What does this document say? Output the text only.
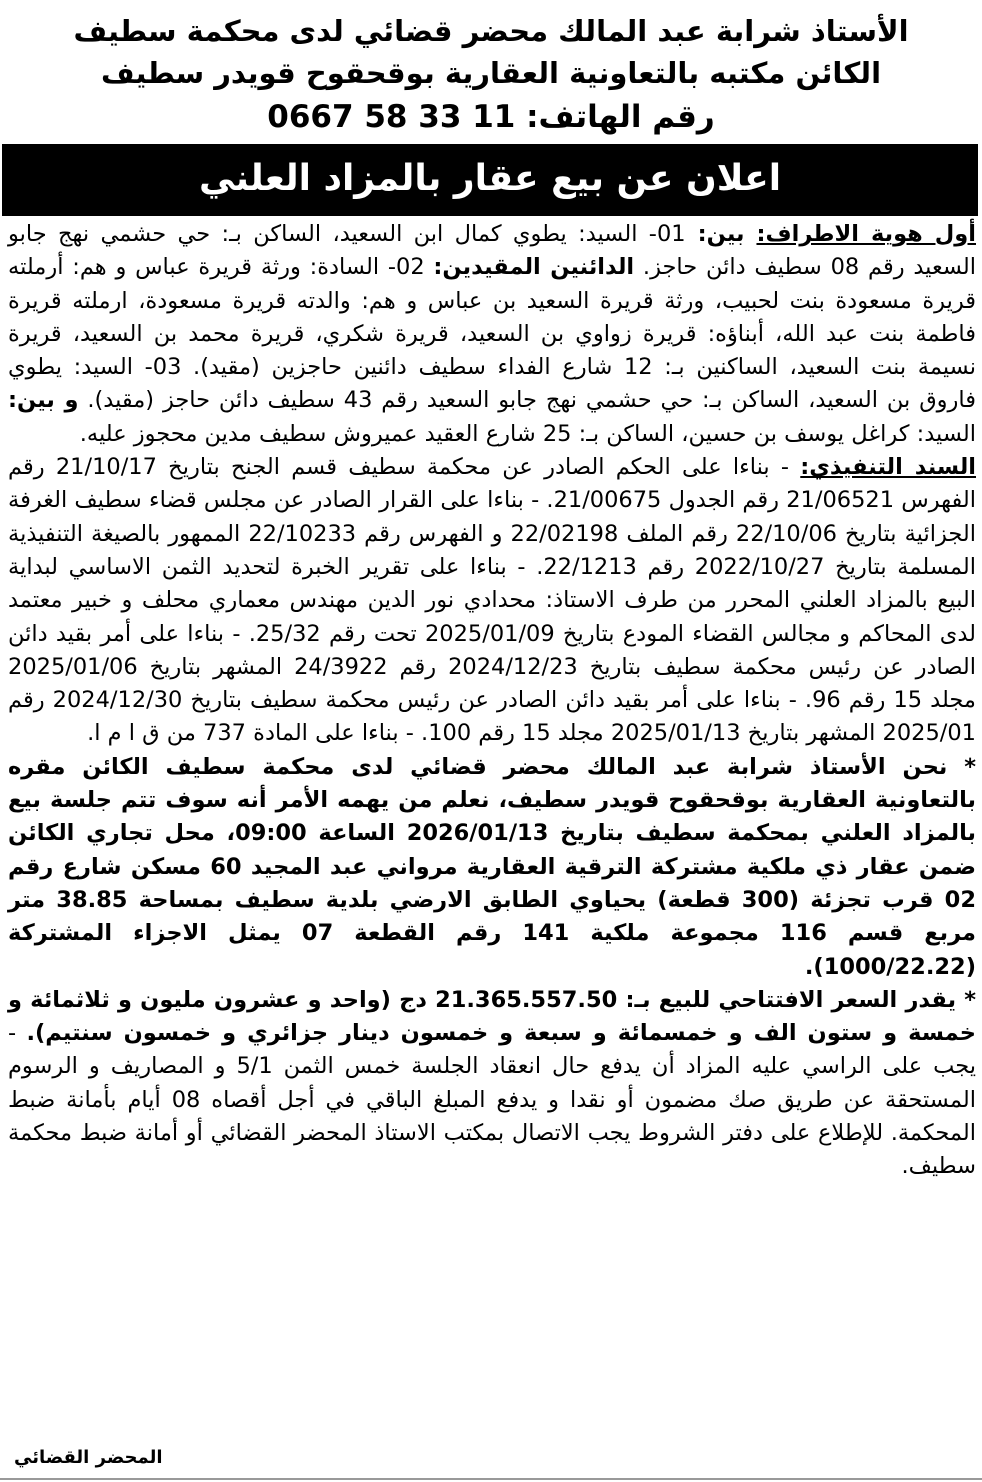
الأستاذ شرابة عبد المالك محضر قضائي لدى محكمة سطيف
الكائن مكتبه بالتعاونية العقارية بوقحقوح قويدر سطيف
رقم الهاتف: 0667 58 33 11
اعلان عن بيع عقار بالمزاد العلني

أول هوية الاطراف: بين: 01- السيد: يطوي كمال ابن السعيد، الساكن بـ: حي حشمي نهج جابو السعيد رقم 08 سطيف دائن حاجز. الدائنين المقيدين: 02- السادة: ورثة قريرة عباس و هم: أرملته قريرة مسعودة بنت لحبيب، ورثة قريرة السعيد بن عباس و هم: والدته قريرة مسعودة، ارملته قريرة فاطمة بنت عبد الله، أبناؤه: قريرة زواوي بن السعيد، قريرة شكري، قريرة محمد بن السعيد، قريرة نسيمة بنت السعيد، الساكنين بـ: 12 شارع الفداء سطيف دائنين حاجزين (مقيد). 03- السيد: يطوي فاروق بن السعيد، الساكن بـ: حي حشمي نهج جابو السعيد رقم 43 سطيف دائن حاجز (مقيد). و بين: السيد: كراغل يوسف بن حسين، الساكن بـ: 25 شارع العقيد عميروش سطيف مدين محجوز عليه.

السند التنفيذي: - بناءا على الحكم الصادر عن محكمة سطيف قسم الجنح بتاريخ 21/10/17 رقم الفهرس 21/06521 رقم الجدول 21/00675. - بناءا على القرار الصادر عن مجلس قضاء سطيف الغرفة الجزائية بتاريخ 22/10/06 رقم الملف 22/02198 و الفهرس رقم 22/10233 الممهور بالصيغة التنفيذية المسلمة بتاريخ 2022/10/27 رقم 22/1213. - بناءا على تقرير الخبرة لتحديد الثمن الاساسي لبداية البيع بالمزاد العلني المحرر من طرف الاستاذ: محدادي نور الدين مهندس معماري محلف و خبير معتمد لدى المحاكم و مجالس القضاء المودع بتاريخ 2025/01/09 تحت رقم 25/32. - بناءا على أمر بقيد دائن الصادر عن رئيس محكمة سطيف بتاريخ 2024/12/23 رقم 24/3922 المشهر بتاريخ 2025/01/06 مجلد 15 رقم 96. - بناءا على أمر بقيد دائن الصادر عن رئيس محكمة سطيف بتاريخ 2024/12/30 رقم 2025/01 المشهر بتاريخ 2025/01/13 مجلد 15 رقم 100. - بناءا على المادة 737 من ق ا م ا.

* نحن الأستاذ شرابة عبد المالك محضر قضائي لدى محكمة سطيف الكائن مقره بالتعاونية العقارية بوقحقوح قويدر سطيف، نعلم من يهمه الأمر أنه سوف تتم جلسة بيع بالمزاد العلني بمحكمة سطيف بتاريخ 2026/01/13 الساعة 09:00، محل تجاري الكائن ضمن عقار ذي ملكية مشتركة الترقية العقارية مرواني عبد المجيد 60 مسكن شارع رقم 02 قرب تجزئة (300 قطعة) يحياوي الطابق الارضي بلدية سطيف بمساحة 38.85 متر مربع قسم 116 مجموعة ملكية 141 رقم القطعة 07 يمثل الاجزاء المشتركة (1000/22.22).

* يقدر السعر الافتتاحي للبيع بـ: 21.365.557.50 دج (واحد و عشرون مليون و ثلاثمائة و خمسة و ستون الف و خمسمائة و سبعة و خمسون دينار جزائري و خمسون سنتيم). - يجب على الراسي عليه المزاد أن يدفع حال انعقاد الجلسة خمس الثمن 5/1 و المصاريف و الرسوم المستحقة عن طريق صك مضمون أو نقدا و يدفع المبلغ الباقي في أجل أقصاه 08 أيام بأمانة ضبط المحكمة. للإطلاع على دفتر الشروط يجب الاتصال بمكتب الاستاذ المحضر القضائي أو أمانة ضبط محكمة سطيف.

المحضر القضائي
